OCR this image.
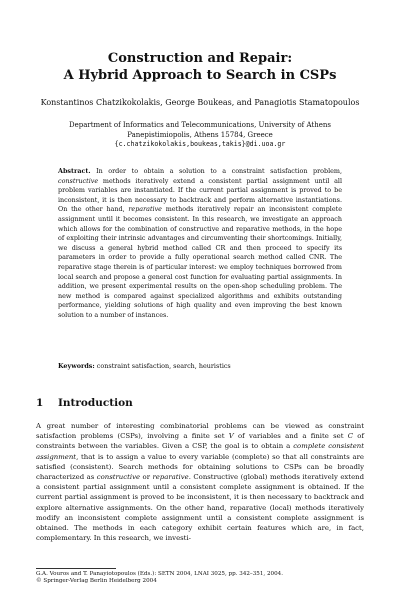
Construction and Repair:
A Hybrid Approach to Search in CSPs
Konstantinos Chatzikokolakis, George Boukeas, and Panagiotis Stamatopoulos
Department of Informatics and Telecommunications, University of Athens
Panepistimiopolis, Athens 15784, Greece
{c.chatzikokolakis,boukeas,takis}@di.uoa.gr
Abstract. In order to obtain a solution to a constraint satisfaction problem, constructive methods iteratively extend a consistent partial assignment until all problem variables are instantiated. If the current partial assignment is proved to be inconsistent, it is then necessary to backtrack and perform alternative instantiations. On the other hand, reparative methods iteratively repair an inconsistent complete assignment until it becomes consistent. In this research, we investigate an approach which allows for the combination of constructive and reparative methods, in the hope of exploiting their intrinsic advantages and circumventing their shortcomings. Initially, we discuss a general hybrid method called CR and then proceed to specify its parameters in order to provide a fully operational search method called CNR. The reparative stage therein is of particular interest: we employ techniques borrowed from local search and propose a general cost function for evaluating partial assignments. In addition, we present experimental results on the open-shop scheduling problem. The new method is compared against specialized algorithms and exhibits outstanding performance, yielding solutions of high quality and even improving the best known solution to a number of instances.
Keywords: constraint satisfaction, search, heuristics
1 Introduction
A great number of interesting combinatorial problems can be viewed as constraint satisfaction problems (CSPs), involving a finite set V of variables and a finite set C of constraints between the variables. Given a CSP, the goal is to obtain a complete consistent assignment, that is to assign a value to every variable (complete) so that all constraints are satisfied (consistent). Search methods for obtaining solutions to CSPs can be broadly characterized as constructive or reparative. Constructive (global) methods iteratively extend a consistent partial assignment until a consistent complete assignment is obtained. If the current partial assignment is proved to be inconsistent, it is then necessary to backtrack and explore alternative assignments. On the other hand, reparative (local) methods iteratively modify an inconsistent complete assignment until a consistent complete assignment is obtained. The methods in each category exhibit certain features which are, in fact, complementary. In this research, we investi-
G.A. Vouros and T. Panayiotopoulos (Eds.): SETN 2004, LNAI 3025, pp. 342–351, 2004.
© Springer-Verlag Berlin Heidelberg 2004
